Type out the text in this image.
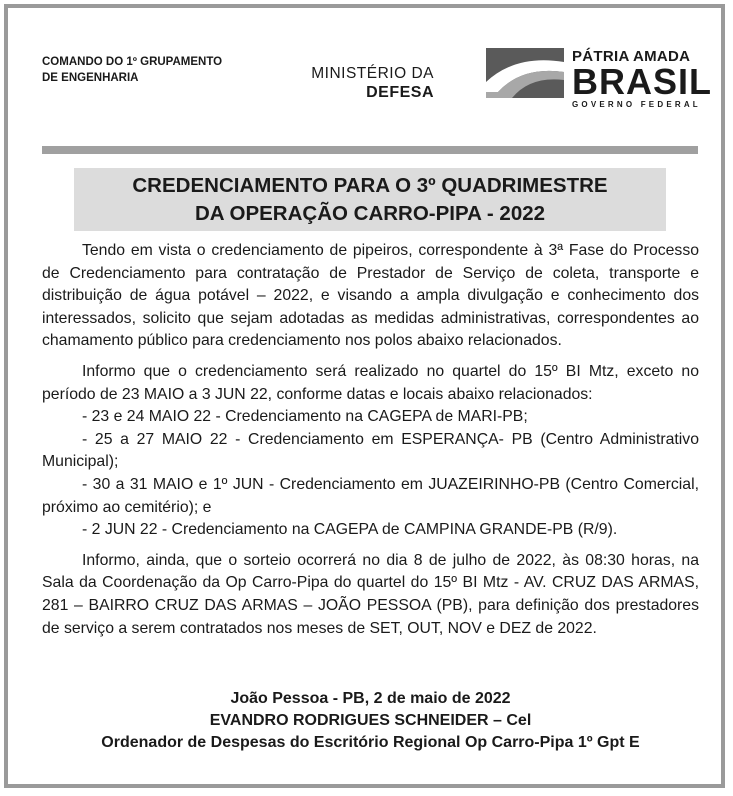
COMANDO DO 1º GRUPAMENTO
DE ENGENHARIA	MINISTÉRIO DA
DEFESA
PÁTRIA AMADA
BRASIL
GOVERNO FEDERAL
CREDENCIAMENTO PARA O 3º QUADRIMESTRE
DA OPERAÇÃO CARRO-PIPA - 2022

Tendo em vista o credenciamento de pipeiros, correspondente à 3ª Fase do Processo de Credenciamento para contratação de Prestador de Serviço de coleta, transporte e distribuição de água potável – 2022, e visando a ampla divulgação e conhecimento dos interessados, solicito que sejam adotadas as medidas administrativas, correspondentes ao chamamento público para credenciamento nos polos abaixo relacionados.

Informo que o credenciamento será realizado no quartel do 15º BI Mtz, exceto no período de 23 MAIO a 3 JUN 22, conforme datas e locais abaixo relacionados:

- 23 e 24 MAIO 22 - Credenciamento na CAGEPA de MARI-PB;

- 25 a 27 MAIO 22 - Credenciamento em ESPERANÇA- PB (Centro Administrativo Municipal);

- 30 a 31 MAIO e 1º JUN - Credenciamento em JUAZEIRINHO-PB (Centro Comercial, próximo ao cemitério); e

- 2 JUN 22 - Credenciamento na CAGEPA de CAMPINA GRANDE-PB (R/9).

Informo, ainda, que o sorteio ocorrerá no dia 8 de julho de 2022, às 08:30 horas, na Sala da Coordenação da Op Carro-Pipa do quartel do 15º BI Mtz - AV. CRUZ DAS ARMAS, 281 – BAIRRO CRUZ DAS ARMAS – JOÃO PESSOA (PB), para definição dos prestadores de serviço a serem contratados nos meses de SET, OUT, NOV e DEZ de 2022.

João Pessoa - PB, 2 de maio de 2022
EVANDRO RODRIGUES SCHNEIDER – Cel
Ordenador de Despesas do Escritório Regional Op Carro-Pipa 1º Gpt E
